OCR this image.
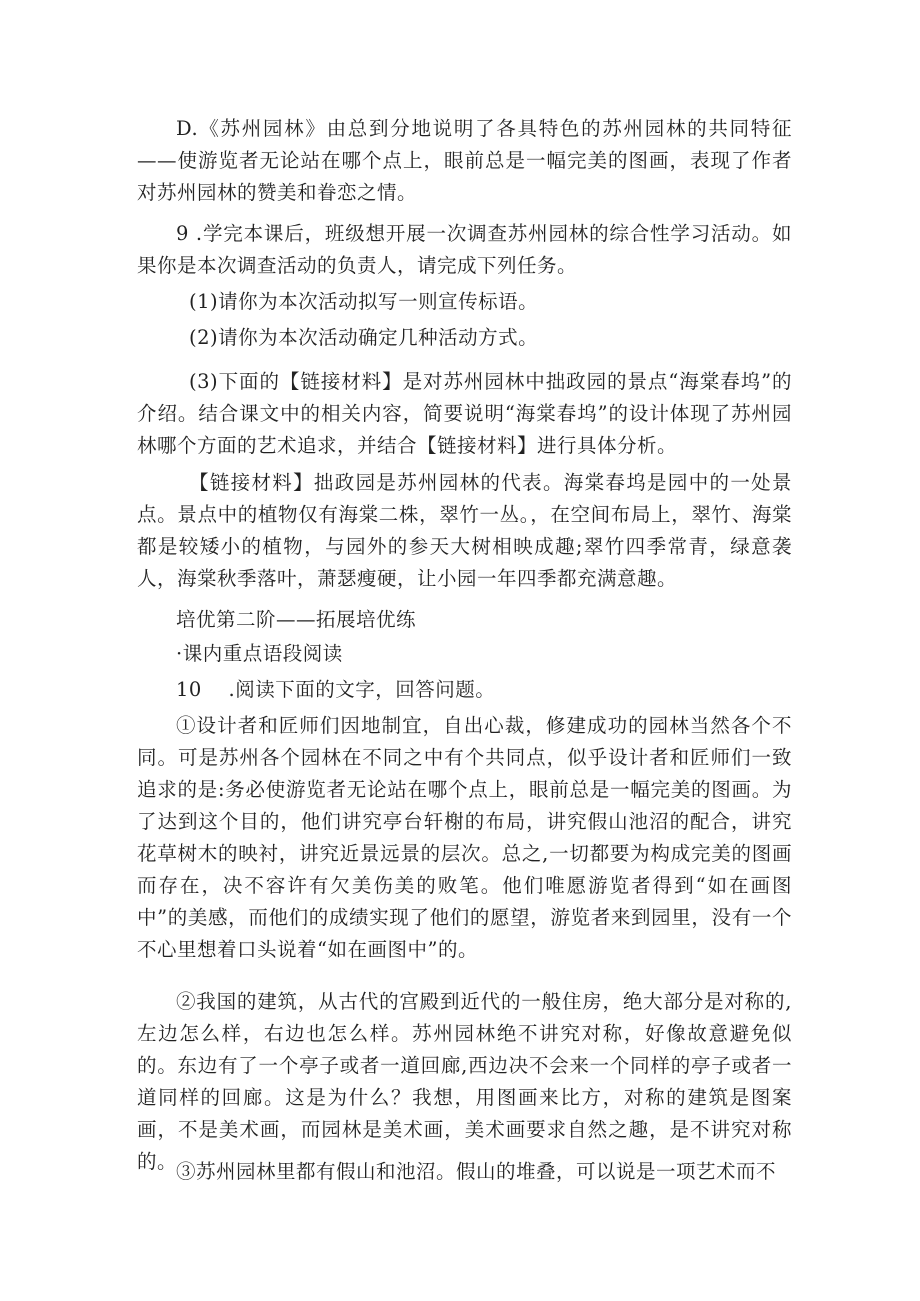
D.《苏州园林》由总到分地说明了各具特色的苏州园林的共同特征——使游览者无论站在哪个点上，眼前总是一幅完美的图画，表现了作者对苏州园林的赞美和眷恋之情。

9 .学完本课后，班级想开展一次调查苏州园林的综合性学习活动。如果你是本次调查活动的负责人，请完成下列任务。

(1)请你为本次活动拟写一则宣传标语。

(2)请你为本次活动确定几种活动方式。

(3)下面的【链接材料】是对苏州园林中拙政园的景点“海棠春坞”的介绍。结合课文中的相关内容，简要说明“海棠春坞”的设计体现了苏州园林哪个方面的艺术追求，并结合【链接材料】进行具体分析。

【链接材料】拙政园是苏州园林的代表。海棠春坞是园中的一处景点。景点中的植物仅有海棠二株，翠竹一丛。，在空间布局上，翠竹、海棠都是较矮小的植物，与园外的参天大树相映成趣;翠竹四季常青，绿意袭人，海棠秋季落叶，萧瑟瘦硬，让小园一年四季都充满意趣。

培优第二阶——拓展培优练

·课内重点语段阅读

10　 .阅读下面的文字，回答问题。

①设计者和匠师们因地制宜，自出心裁，修建成功的园林当然各个不同。可是苏州各个园林在不同之中有个共同点，似乎设计者和匠师们一致追求的是:务必使游览者无论站在哪个点上，眼前总是一幅完美的图画。为了达到这个目的，他们讲究亭台轩榭的布局，讲究假山池沼的配合，讲究花草树木的映衬，讲究近景远景的层次。总之,一切都要为构成完美的图画而存在，决不容许有欠美伤美的败笔。他们唯愿游览者得到“如在画图中”的美感，而他们的成绩实现了他们的愿望，游览者来到园里，没有一个不心里想着口头说着“如在画图中”的。

②我国的建筑，从古代的宫殿到近代的一般住房，绝大部分是对称的,左边怎么样，右边也怎么样。苏州园林绝不讲究对称，好像故意避免似的。东边有了一个亭子或者一道回廊,西边决不会来一个同样的亭子或者一道同样的回廊。这是为什么？我想，用图画来比方，对称的建筑是图案画，不是美术画，而园林是美术画，美术画要求自然之趣，是不讲究对称的。

③苏州园林里都有假山和池沼。假山的堆叠，可以说是一项艺术而不
